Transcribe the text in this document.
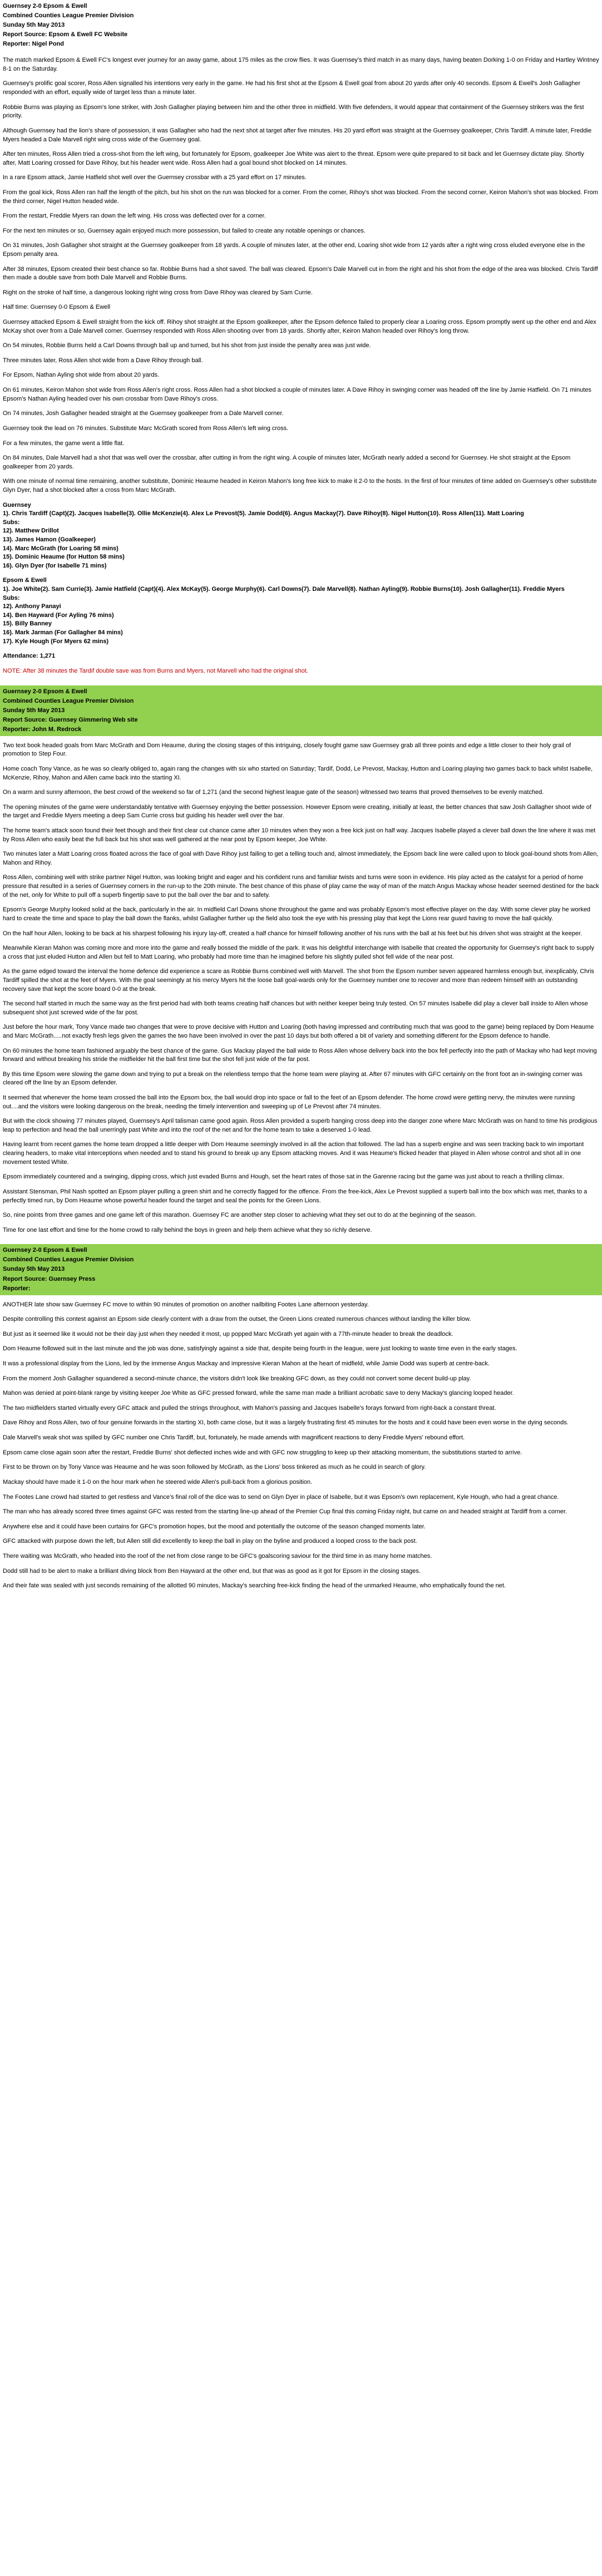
Guernsey 2-0 Epsom & Ewell
Combined Counties League Premier Division
Sunday 5th May 2013
Report Source: Epsom & Ewell FC Website
Reporter: Nigel Pond

The match marked Epsom & Ewell FC's longest ever journey for an away game, about 175 miles as the crow flies. It was Guernsey's third match in as many days, having beaten Dorking 1-0 on Friday and Hartley Wintney 8-1 on the Saturday.

Guernsey's prolific goal scorer, Ross Allen signalled his intentions very early in the game. He had his first shot at the Epsom & Ewell goal from about 20 yards after only 40 seconds. Epsom & Ewell's Josh Gallagher responded with an effort, equally wide of target less than a minute later.

Robbie Burns was playing as Epsom's lone striker, with Josh Gallagher playing between him and the other three in midfield. With five defenders, it would appear that containment of the Guernsey strikers was the first priority.

Although Guernsey had the lion's share of possession, it was Gallagher who had the next shot at target after five minutes. His 20 yard effort was straight at the Guernsey goalkeeper, Chris Tardiff. A minute later, Freddie Myers headed a Dale Marvell right wing cross wide of the Guernsey goal.

After ten minutes, Ross Allen tried a cross-shot from the left wing, but fortunately for Epsom, goalkeeper Joe White was alert to the threat. Epsom were quite prepared to sit back and let Guernsey dictate play. Shortly after, Matt Loaring crossed for Dave Rihoy, but his header went wide. Ross Allen had a goal bound shot blocked on 14 minutes.

In a rare Epsom attack, Jamie Hatfield shot well over the Guernsey crossbar with a 25 yard effort on 17 minutes.

From the goal kick, Ross Allen ran half the length of the pitch, but his shot on the run was blocked for a corner. From the corner, Rihoy's shot was blocked. From the second corner, Keiron Mahon's shot was blocked. From the third corner, Nigel Hutton headed wide.

From the restart, Freddie Myers ran down the left wing. His cross was deflected over for a corner.

For the next ten minutes or so, Guernsey again enjoyed much more possession, but failed to create any notable openings or chances.

On 31 minutes, Josh Gallagher shot straight at the Guernsey goalkeeper from 18 yards. A couple of minutes later, at the other end, Loaring shot wide from 12 yards after a right wing cross eluded everyone else in the Epsom penalty area.

After 38 minutes, Epsom created their best chance so far. Robbie Burns had a shot saved. The ball was cleared. Epsom's Dale Marvell cut in from the right and his shot from the edge of the area was blocked. Chris Tardiff then made a double save from both Dale Marvell and Robbie Burns.

Right on the stroke of half time, a dangerous looking right wing cross from Dave Rihoy was cleared by Sam Currie.

Half time: Guernsey 0-0 Epsom & Ewell

Guernsey attacked Epsom & Ewell straight from the kick off. Rihoy shot straight at the Epsom goalkeeper, after the Epsom defence failed to properly clear a Loaring cross. Epsom promptly went up the other end and Alex McKay shot over from a Dale Marvell corner. Guernsey responded with Ross Allen shooting over from 18 yards. Shortly after, Keiron Mahon headed over Rihoy's long throw.

On 54 minutes, Robbie Burns held a Carl Downs through ball up and turned, but his shot from just inside the penalty area was just wide.

Three minutes later, Ross Allen shot wide from a Dave Rihoy through ball.

For Epsom, Nathan Ayling shot wide from about 20 yards.

On 61 minutes, Keiron Mahon shot wide from Ross Allen's right cross. Ross Allen had a shot blocked a couple of minutes later. A Dave Rihoy in swinging corner was headed off the line by Jamie Hatfield. On 71 minutes Epsom's Nathan Ayling headed over his own crossbar from Dave Rihoy's cross.

On 74 minutes, Josh Gallagher headed straight at the Guernsey goalkeeper from a Dale Marvell corner.

Guernsey took the lead on 76 minutes. Substitute Marc McGrath scored from Ross Allen's left wing cross.

For a few minutes, the game went a little flat.

On 84 minutes, Dale Marvell had a shot that was well over the crossbar, after cutting in from the right wing. A couple of minutes later, McGrath nearly added a second for Guernsey. He shot straight at the Epsom goalkeeper from 20 yards.

With one minute of normal time remaining, another substitute, Dominic Heaume headed in Keiron Mahon's long free kick to make it 2-0 to the hosts. In the first of four minutes of time added on Guernsey's other substitute Glyn Dyer, had a shot blocked after a cross from Marc McGrath.

Guernsey
1). Chris Tardiff (Capt)(2). Jacques Isabelle(3). Ollie McKenzie(4). Alex Le Prevost(5). Jamie Dodd(6). Angus Mackay(7). Dave Rihoy(8). Nigel Hutton(10). Ross Allen(11). Matt Loaring
Subs:
12). Matthew Drillot
13). James Hamon (Goalkeeper)
14). Marc McGrath (for Loaring 58 mins)
15). Dominic Heaume (for Hutton 58 mins)
16). Glyn Dyer (for Isabelle 71 mins)
Epsom & Ewell
1). Joe White(2). Sam Currie(3). Jamie Hatfield (Capt)(4). Alex McKay(5). George Murphy(6). Carl Downs(7). Dale Marvell(8). Nathan Ayling(9). Robbie Burns(10). Josh Gallagher(11). Freddie Myers
Subs:
12). Anthony Panayi
14). Ben Hayward (For Ayling 76 mins)
15). Billy Banney
16). Mark Jarman (For Gallagher 84 mins)
17). Kyle Hough (For Myers 62 mins)

Attendance: 1,271

NOTE: After 38 minutes the Tardif double save was from Burns and Myers, not Marvell who had the original shot.

Guernsey 2-0 Epsom & Ewell
Combined Counties League Premier Division
Sunday 5th May 2013
Report Source: Guernsey Gimmering Web site
Reporter: John M. Redrock

Two text book headed goals from Marc McGrath and Dom Heaume, during the closing stages of this intriguing, closely fought game saw Guernsey grab all three points and edge a little closer to their holy grail of promotion to Step Four.

Home coach Tony Vance, as he was so clearly obliged to, again rang the changes with six who started on Saturday; Tardif, Dodd, Le Prevost, Mackay, Hutton and Loaring playing two games back to back whilst Isabelle, McKenzie, Rihoy, Mahon and Allen came back into the starting XI.

On a warm and sunny afternoon, the best crowd of the weekend so far of 1,271 (and the second highest league gate of the season) witnessed two teams that proved themselves to be evenly matched.

The opening minutes of the game were understandably tentative with Guernsey enjoying the better possession. However Epsom were creating, initially at least, the better chances that saw Josh Gallagher shoot wide of the target and Freddie Myers meeting a deep Sam Currie cross but guiding his header well over the bar.

The home team's attack soon found their feet though and their first clear cut chance came after 10 minutes when they won a free kick just on half way. Jacques Isabelle played a clever ball down the line where it was met by Ross Allen who easily beat the full back but his shot was well gathered at the near post by Epsom keeper, Joe White.

Two minutes later a Matt Loaring cross floated across the face of goal with Dave Rihoy just failing to get a telling touch and, almost immediately, the Epsom back line were called upon to block goal-bound shots from Allen, Mahon and Rihoy.

Ross Allen, combining well with strike partner Nigel Hutton, was looking bright and eager and his confident runs and familiar twists and turns were soon in evidence. His play acted as the catalyst for a period of home pressure that resulted in a series of Guernsey corners in the run-up to the 20th minute. The best chance of this phase of play came the way of man of the match Angus Mackay whose header seemed destined for the back of the net, only for White to pull off a superb fingertip save to put the ball over the bar and to safety.

Epsom's George Murphy looked solid at the back, particularly in the air. In midfield Carl Downs shone throughout the game and was probably Epsom's most effective player on the day. With some clever play he worked hard to create the time and space to play the ball down the flanks, whilst Gallagher further up the field also took the eye with his pressing play that kept the Lions rear guard having to move the ball quickly.

On the half hour Allen, looking to be back at his sharpest following his injury lay-off, created a half chance for himself following another of his runs with the ball at his feet but his driven shot was straight at the keeper.

Meanwhile Kieran Mahon was coming more and more into the game and really bossed the middle of the park. It was his delightful interchange with Isabelle that created the opportunity for Guernsey's right back to supply a cross that just eluded Hutton and Allen but fell to Matt Loaring, who probably had more time than he imagined before his slightly pulled shot fell wide of the near post.

As the game edged toward the interval the home defence did experience a scare as Robbie Burns combined well with Marvell. The shot from the Epsom number seven appeared harmless enough but, inexplicably, Chris Tardiff spilled the shot at the feet of Myers. With the goal seemingly at his mercy Myers hit the loose ball goal-wards only for the Guernsey number one to recover and more than redeem himself with an outstanding recovery save that kept the score board 0-0 at the break.

The second half started in much the same way as the first period had with both teams creating half chances but with neither keeper being truly tested. On 57 minutes Isabelle did play a clever ball inside to Allen whose subsequent shot just screwed wide of the far post.

Just before the hour mark, Tony Vance made two changes that were to prove decisive with Hutton and Loaring (both having impressed and contributing much that was good to the game) being replaced by Dom Heaume and Marc McGrath.....not exactly fresh legs given the games the two have been involved in over the past 10 days but both offered a bit of variety and something different for the Epsom defence to handle.

On 60 minutes the home team fashioned arguably the best chance of the game. Gus Mackay played the ball wide to Ross Allen whose delivery back into the box fell perfectly into the path of Mackay who had kept moving forward and without breaking his stride the midfielder hit the ball first time but the shot fell just wide of the far post.

By this time Epsom were slowing the game down and trying to put a break on the relentless tempo that the home team were playing at. After 67 minutes with GFC certainly on the front foot an in-swinging corner was cleared off the line by an Epsom defender.

It seemed that whenever the home team crossed the ball into the Epsom box, the ball would drop into space or fall to the feet of an Epsom defender. The home crowd were getting nervy, the minutes were running out....and the visitors were looking dangerous on the break, needing the timely intervention and sweeping up of Le Prevost after 74 minutes.

But with the clock showing 77 minutes played, Guernsey's April talisman came good again. Ross Allen provided a superb hanging cross deep into the danger zone where Marc McGrath was on hand to time his prodigious leap to perfection and head the ball unerringly past White and into the roof of the net and for the home team to take a deserved 1-0 lead.

Having learnt from recent games the home team dropped a little deeper with Dom Heaume seemingly involved in all the action that followed. The lad has a superb engine and was seen tracking back to win important clearing headers, to make vital interceptions when needed and to stand his ground to break up any Epsom attacking moves. And it was Heaume's flicked header that played in Allen whose control and shot all in one movement tested White.

Epsom immediately countered and a swinging, dipping cross, which just evaded Burns and Hough, set the heart rates of those sat in the Garenne racing but the game was just about to reach a thrilling climax.

Assistant Stensman, Phil Nash spotted an Epsom player pulling a green shirt and he correctly flagged for the offence. From the free-kick, Alex Le Prevost supplied a superb ball into the box which was met, thanks to a perfectly timed run, by Dom Heaume whose powerful header found the target and seal the points for the Green Lions.

So, nine points from three games and one game left of this marathon. Guernsey FC are another step closer to achieving what they set out to do at the beginning of the season.

Time for one last effort and time for the home crowd to rally behind the boys in green and help them achieve what they so richly deserve.

Guernsey 2-0 Epsom & Ewell
Combined Counties League Premier Division
Sunday 5th May 2013
Report Source: Guernsey Press
Reporter:

ANOTHER late show saw Guernsey FC move to within 90 minutes of promotion on another nailbiting Footes Lane afternoon yesterday.

Despite controlling this contest against an Epsom side clearly content with a draw from the outset, the Green Lions created numerous chances without landing the killer blow.

But just as it seemed like it would not be their day just when they needed it most, up popped Marc McGrath yet again with a 77th-minute header to break the deadlock.

Dom Heaume followed suit in the last minute and the job was done, satisfyingly against a side that, despite being fourth in the league, were just looking to waste time even in the early stages.

It was a professional display from the Lions, led by the immense Angus Mackay and impressive Kieran Mahon at the heart of midfield, while Jamie Dodd was superb at centre-back.

From the moment Josh Gallagher squandered a second-minute chance, the visitors didn't look like breaking GFC down, as they could not convert some decent build-up play.

Mahon was denied at point-blank range by visiting keeper Joe White as GFC pressed forward, while the same man made a brilliant acrobatic save to deny Mackay's glancing looped header.

The two midfielders started virtually every GFC attack and pulled the strings throughout, with Mahon's passing and Jacques Isabelle's forays forward from right-back a constant threat.

Dave Rihoy and Ross Allen, two of four genuine forwards in the starting XI, both came close, but it was a largely frustrating first 45 minutes for the hosts and it could have been even worse in the dying seconds.

Dale Marvell's weak shot was spilled by GFC number one Chris Tardiff, but, fortunately, he made amends with magnificent reactions to deny Freddie Myers' rebound effort.

Epsom came close again soon after the restart, Freddie Burns' shot deflected inches wide and with GFC now struggling to keep up their attacking momentum, the substitutions started to arrive.

First to be thrown on by Tony Vance was Heaume and he was soon followed by McGrath, as the Lions' boss tinkered as much as he could in search of glory.

Mackay should have made it 1-0 on the hour mark when he steered wide Allen's pull-back from a glorious position.

The Footes Lane crowd had started to get restless and Vance's final roll of the dice was to send on Glyn Dyer in place of Isabelle, but it was Epsom's own replacement, Kyle Hough, who had a great chance.

The man who has already scored three times against GFC was rested from the starting line-up ahead of the Premier Cup final this coming Friday night, but came on and headed straight at Tardiff from a corner.

Anywhere else and it could have been curtains for GFC's promotion hopes, but the mood and potentially the outcome of the season changed moments later.

GFC attacked with purpose down the left, but Allen still did excellently to keep the ball in play on the byline and produced a looped cross to the back post.

There waiting was McGrath, who headed into the roof of the net from close range to be GFC's goalscoring saviour for the third time in as many home matches.

Dodd still had to be alert to make a brilliant diving block from Ben Hayward at the other end, but that was as good as it got for Epsom in the closing stages.

And their fate was sealed with just seconds remaining of the allotted 90 minutes, Mackay's searching free-kick finding the head of the unmarked Heaume, who emphatically found the net.
